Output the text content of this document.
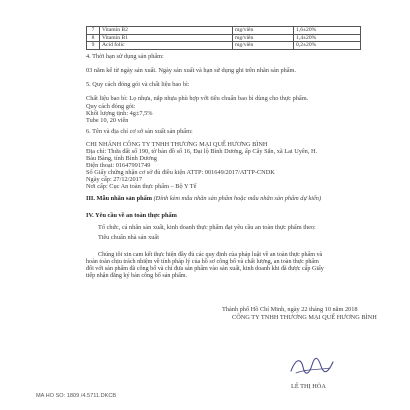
7	Vitamin B2	mg/viên	1,6±20%
8	Vitamin B1	mg/viên	1,4±20%
9	Acid folic	mg/viên	0,2±20%
4. Thời hạn sử dụng sản phẩm:
03 năm kể từ ngày sản xuất. Ngày sản xuất và hạn sử dụng ghi trên nhãn sản phẩm.
5. Quy cách đóng gói và chất liệu bao bì:
Chất liệu bao bì: Lọ nhựa, nắp nhựa phù hợp với tiêu chuẩn bao bì dùng cho thực phẩm.
Quy cách đóng gói:
Khối lượng tịnh: 4g±7,5%
Tube 10, 20 viên
6. Tên và địa chỉ cơ sở sản xuất sản phẩm:
CHI NHÁNH CÔNG TY TNHH THƯƠNG MẠI QUẾ HƯƠNG BÌNH
Địa chỉ: Thửa đất số 190, tờ bản đồ số 16, Đại lộ Bình Dương, ấp Cây Sắn, xã Lai Uyên, H.
Bàu Bàng, tỉnh Bình Dương
Điện thoại: 01647991749
Số Giấy chứng nhận cơ sở đủ điều kiện ATTP: 001649/2017/ATTP-CNDK
Ngày cấp: 27/12/2017
Nơi cấp: Cục An toàn thực phẩm – Bộ Y Tế
III. Mẫu nhãn sản phẩm (Đính kèm mẫu nhãn sản phẩm hoặc mẫu nhãn sản phẩm dự kiến)
IV. Yêu cầu về an toàn thực phẩm
Tổ chức, cá nhân sản xuất, kinh doanh thực phẩm đạt yêu cầu an toàn thực phẩm theo:
Tiêu chuẩn nhà sản xuất
Chúng tôi xin cam kết thực hiện đầy đủ các quy định của pháp luật về an toàn thực phẩm và
hoàn toàn chịu trách nhiệm về tính pháp lý của hồ sơ công bố và chất lượng, an toàn thực phẩm
đối với sản phẩm đã công bố và chỉ đưa sản phẩm vào sản xuất, kinh doanh khi đã được cấp Giấy
tiếp nhận đăng ký bản công bố sản phẩm.
Thành phố Hồ Chí Minh, ngày 22 tháng 10 năm 2018
CÔNG TY TNHH THƯƠNG MẠI QUẾ HƯƠNG BÌNH
LÊ THỊ HÒA
MA HO SO: 1809 /4.5711.DKCB
